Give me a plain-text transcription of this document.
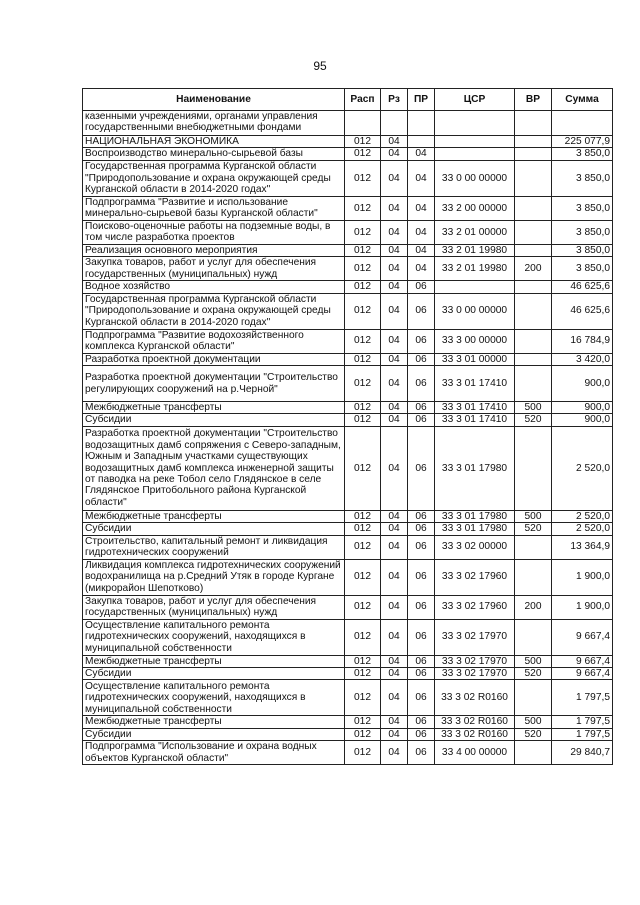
95
Наименование	Расп	Рз	ПР	ЦСР	ВР	Сумма
казенными учреждениями, органами управления государственными внебюджетными фондами						
НАЦИОНАЛЬНАЯ ЭКОНОМИКА	012	04				225 077,9
Воспроизводство минерально-сырьевой базы	012	04	04			3 850,0
Государственная программа Курганской области "Природопользование и охрана окружающей среды Курганской области в 2014-2020 годах"	012	04	04	33 0 00 00000		3 850,0
Подпрограмма "Развитие и использование минерально-сырьевой базы Курганской области"	012	04	04	33 2 00 00000		3 850,0
Поисково-оценочные работы на подземные воды, в том числе разработка проектов	012	04	04	33 2 01 00000		3 850,0
Реализация основного мероприятия	012	04	04	33 2 01 19980		3 850,0
Закупка товаров, работ и услуг для обеспечения государственных (муниципальных) нужд	012	04	04	33 2 01 19980	200	3 850,0
Водное хозяйство	012	04	06			46 625,6
Государственная программа Курганской области "Природопользование и охрана окружающей среды Курганской области в 2014-2020 годах"	012	04	06	33 0 00 00000		46 625,6
Подпрограмма "Развитие водохозяйственного комплекса Курганской области"	012	04	06	33 3 00 00000		16 784,9
Разработка проектной документации	012	04	06	33 3 01 00000		3 420,0
Разработка проектной документации "Строительство регулирующих сооружений на р.Черной"	012	04	06	33 3 01 17410		900,0
Межбюджетные трансферты	012	04	06	33 3 01 17410	500	900,0
Субсидии	012	04	06	33 3 01 17410	520	900,0
Разработка проектной документации "Строительство водозащитных дамб сопряжения с Северо-западным, Южным и Западным участками существующих водозащитных дамб комплекса инженерной защиты от паводка на реке Тобол село Глядянское в селе Глядянское Притобольного района Курганской области"	012	04	06	33 3 01 17980		2 520,0
Межбюджетные трансферты	012	04	06	33 3 01 17980	500	2 520,0
Субсидии	012	04	06	33 3 01 17980	520	2 520,0
Строительство, капитальный ремонт и ликвидация гидротехнических сооружений	012	04	06	33 3 02 00000		13 364,9
Ликвидация комплекса гидротехнических сооружений водохранилища на р.Средний Утяк в городе Кургане (микрорайон Шепотково)	012	04	06	33 3 02 17960		1 900,0
Закупка товаров, работ и услуг для обеспечения государственных (муниципальных) нужд	012	04	06	33 3 02 17960	200	1 900,0
Осуществление капитального ремонта гидротехнических сооружений, находящихся в муниципальной собственности	012	04	06	33 3 02 17970		9 667,4
Межбюджетные трансферты	012	04	06	33 3 02 17970	500	9 667,4
Субсидии	012	04	06	33 3 02 17970	520	9 667,4
Осуществление капитального ремонта гидротехнических сооружений, находящихся в муниципальной собственности	012	04	06	33 3 02 R0160		1 797,5
Межбюджетные трансферты	012	04	06	33 3 02 R0160	500	1 797,5
Субсидии	012	04	06	33 3 02 R0160	520	1 797,5
Подпрограмма "Использование и охрана водных объектов Курганской области"	012	04	06	33 4 00 00000		29 840,7
